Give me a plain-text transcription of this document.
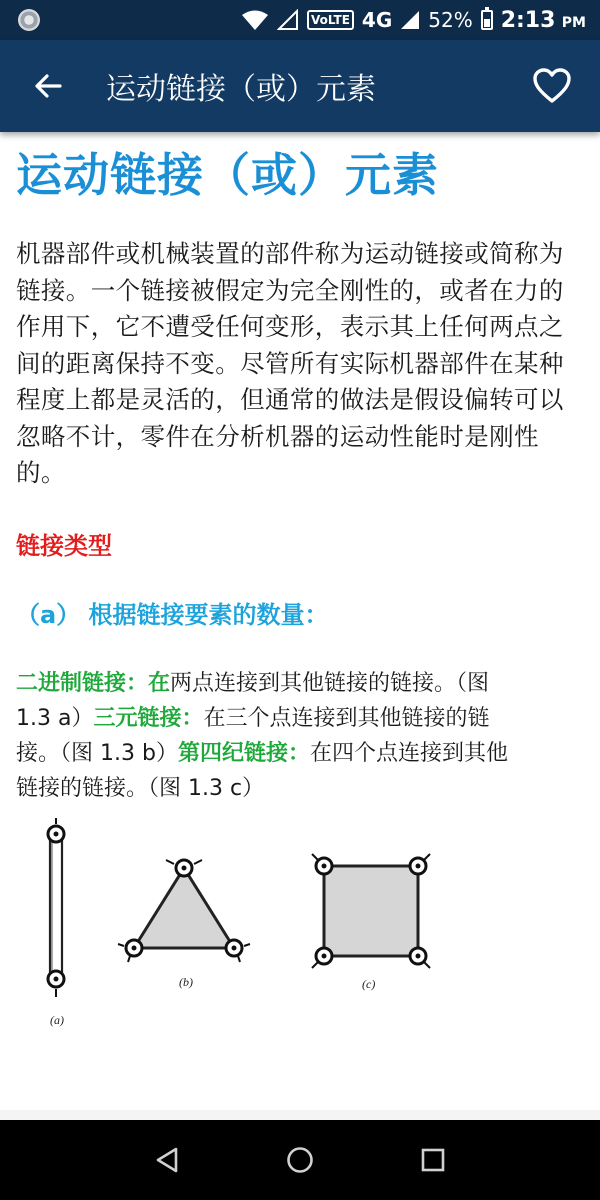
VoLTE 4G 52% 2:13 PM
运动链接（或）元素
运动链接（或）元素

机器部件或机械装置的部件称为运动链接或简称为链接。一个链接被假定为完全刚性的，或者在力的作用下，它不遭受任何变形，表示其上任何两点之间的距离保持不变。尽管所有实际机器部件在某种程度上都是灵活的，但通常的做法是假设偏转可以忽略不计，零件在分析机器的运动性能时是刚性的。

链接类型
（a） 根据链接要素的数量：

二进制链接：在两点连接到其他链接的链接。（图1.3 a）三元链接：在三个点连接到其他链接的链接。（图 1.3 b）第四纪链接：在四个点连接到其他链接的链接。（图 1.3 c）

(a)
(b)	(c)
